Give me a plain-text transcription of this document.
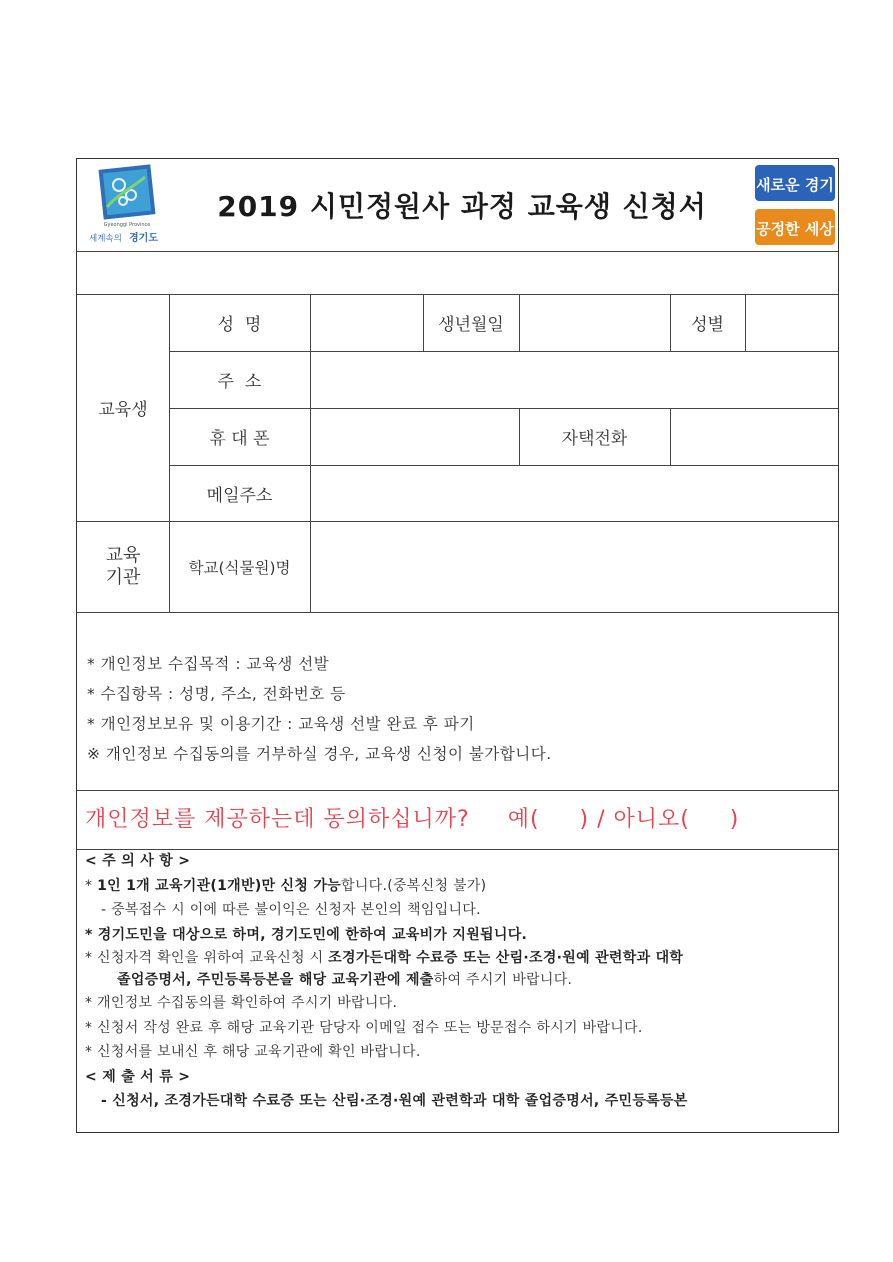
Gyeonggi Province
세계속의 경기도
2019 시민정원사 과정 교육생 신청서
새로운 경기
공정한 세상
교육생
성  명	생년월일	성별
주  소
휴 대 폰	자택전화
메일주소
교육
기관	학교(식물원)명

* 개인정보 수집목적 : 교육생 선발

* 수집항목 : 성명, 주소, 전화번호 등

* 개인정보보유 및 이용기간 : 교육생 선발 완료 후 파기

※ 개인정보 수집동의를 거부하실 경우, 교육생 신청이 불가합니다.

개인정보를 제공하는데 동의하십니까? 예(     ) / 아니오(     )

< 주 의 사 항 >

* 1인 1개 교육기관(1개반)만 신청 가능합니다.(중복신청 불가)

- 중복접수 시 이에 따른 불이익은 신청자 본인의 책임입니다.

* 경기도민을 대상으로 하며, 경기도민에 한하여 교육비가 지원됩니다.

* 신청자격 확인을 위하여 교육신청 시 조경가든대학 수료증 또는 산림·조경·원예 관련학과 대학
졸업증명서, 주민등록등본을 해당 교육기관에 제출하여 주시기 바랍니다.

* 개인정보 수집동의를 확인하여 주시기 바랍니다.

* 신청서 작성 완료 후 해당 교육기관 담당자 이메일 접수 또는 방문접수 하시기 바랍니다.

* 신청서를 보내신 후 해당 교육기관에 확인 바랍니다.

< 제 출 서 류 >

- 신청서, 조경가든대학 수료증 또는 산림·조경·원예 관련학과 대학 졸업증명서, 주민등록등본
